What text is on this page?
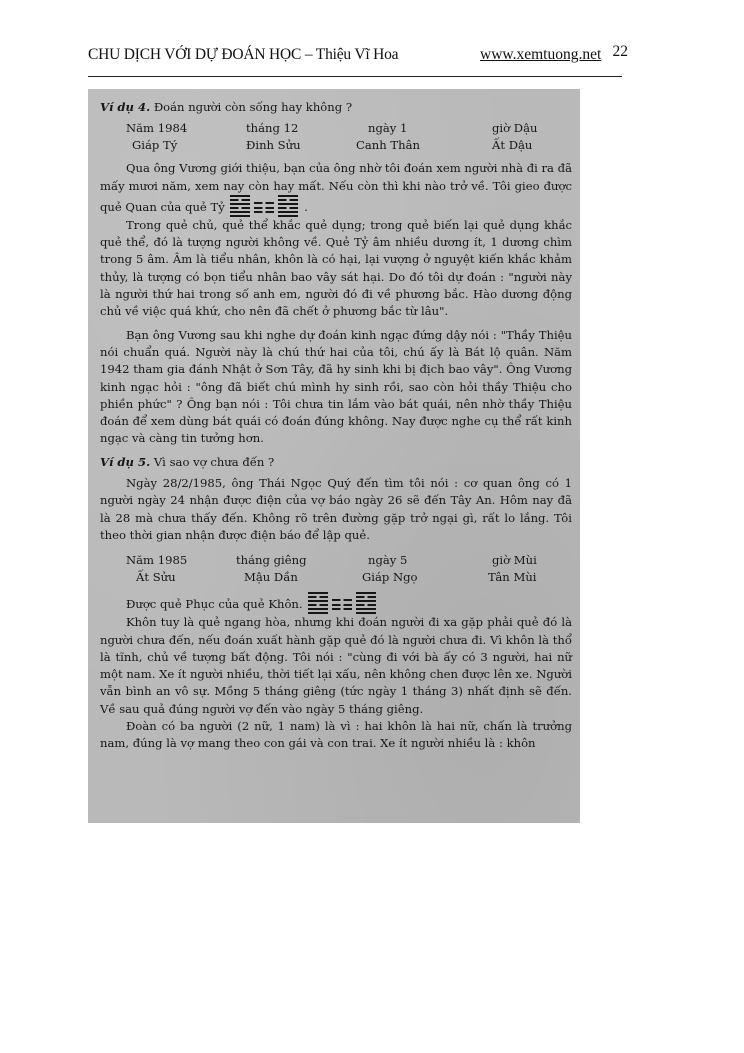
CHU DỊCH VỚI DỰ ĐOÁN HỌC – Thiệu Vĩ Hoa	www.xemtuong.net 22
Ví dụ 4. Đoán người còn sống hay không ?
Năm 1984	tháng 12	ngày 1	giờ Dậu
Giáp Tý	Đinh Sửu	Canh Thân	Ất Dậu

Qua ông Vương giới thiệu, bạn của ông nhờ tôi đoán xem người nhà đi ra đã mấy mươi năm, xem nay còn hay mất. Nếu còn thì khi nào trở về. Tôi gieo được quẻ Quan của quẻ Tỷ	.

Trong quẻ chủ, quẻ thể khắc quẻ dụng; trong quẻ biến lại quẻ dụng khắc quẻ thể, đó là tượng người không về. Quẻ Tỷ âm nhiều dương ít, 1 dương chìm trong 5 âm. Âm là tiểu nhân, khôn là có hại, lại vượng ở nguyệt kiến khắc khảm thủy, là tượng có bọn tiểu nhân bao vây sát hại. Do đó tôi dự đoán : "người này là người thứ hai trong số anh em, người đó đi về phương bắc. Hào dương động chủ về việc quá khứ, cho nên đã chết ở phương bắc từ lâu".

Bạn ông Vương sau khi nghe dự đoán kinh ngạc đứng dậy nói : "Thầy Thiệu nói chuẩn quá. Người này là chú thứ hai của tôi, chú ấy là Bát lộ quân. Năm 1942 tham gia đánh Nhật ở Sơn Tây, đã hy sinh khi bị địch bao vây". Ông Vương kinh ngạc hỏi : "ông đã biết chú mình hy sinh rồi, sao còn hỏi thầy Thiệu cho phiền phức" ? Ông bạn nói : Tôi chưa tin lắm vào bát quái, nên nhờ thầy Thiệu đoán để xem dùng bát quái có đoán đúng không. Nay được nghe cụ thể rất kinh ngạc và càng tin tưởng hơn.

Ví dụ 5. Vì sao vợ chưa đến ?

Ngày 28/2/1985, ông Thái Ngọc Quý đến tìm tôi nói : cơ quan ông có 1 người ngày 24 nhận được điện của vợ báo ngày 26 sẽ đến Tây An. Hôm nay đã là 28 mà chưa thấy đến. Không rõ trên đường gặp trở ngại gì, rất lo lắng. Tôi theo thời gian nhận được điện báo để lập quẻ.

Năm 1985	tháng giêng	ngày 5	giờ Mùi
Ất Sửu	Mậu Dần	Giáp Ngọ	Tân Mùi

Được quẻ Phục của quẻ Khôn.

Khôn tuy là quẻ ngang hòa, nhưng khi đoán người đi xa gặp phải quẻ đó là người chưa đến, nếu đoán xuất hành gặp quẻ đó là người chưa đi. Vì khôn là thổ là tĩnh, chủ về tượng bất động. Tôi nói : "cùng đi với bà ấy có 3 người, hai nữ một nam. Xe ít người nhiều, thời tiết lại xấu, nên không chen được lên xe. Người vẫn bình an vô sự. Mồng 5 tháng giêng (tức ngày 1 tháng 3) nhất định sẽ đến. Về sau quả đúng người vợ đến vào ngày 5 tháng giêng.

Đoàn có ba người (2 nữ, 1 nam) là vì : hai khôn là hai nữ, chấn là trưởng nam, đúng là vợ mang theo con gái và con trai. Xe ít người nhiều là : khôn
